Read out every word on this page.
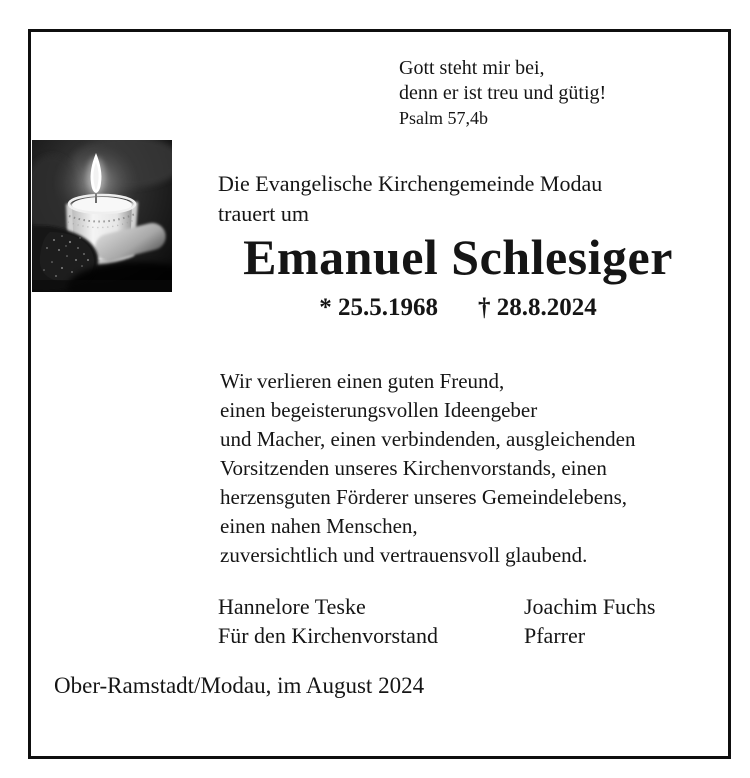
Gott steht mir bei,
denn er ist treu und gütig!
Psalm 57,4b
Die Evangelische Kirchengemeinde Modau
trauert um
Emanuel Schlesiger
* 25.5.1968 † 28.8.2024
Wir verlieren einen guten Freund,
einen begeisterungsvollen Ideengeber
und Macher, einen verbindenden, ausgleichenden
Vorsitzenden unseres Kirchenvorstands, einen
herzensguten Förderer unseres Gemeindelebens,
einen nahen Menschen,
zuversichtlich und vertrauensvoll glaubend.
Hannelore Teske
Für den Kirchenvorstand
Joachim Fuchs
Pfarrer
Ober-Ramstadt/Modau, im August 2024
